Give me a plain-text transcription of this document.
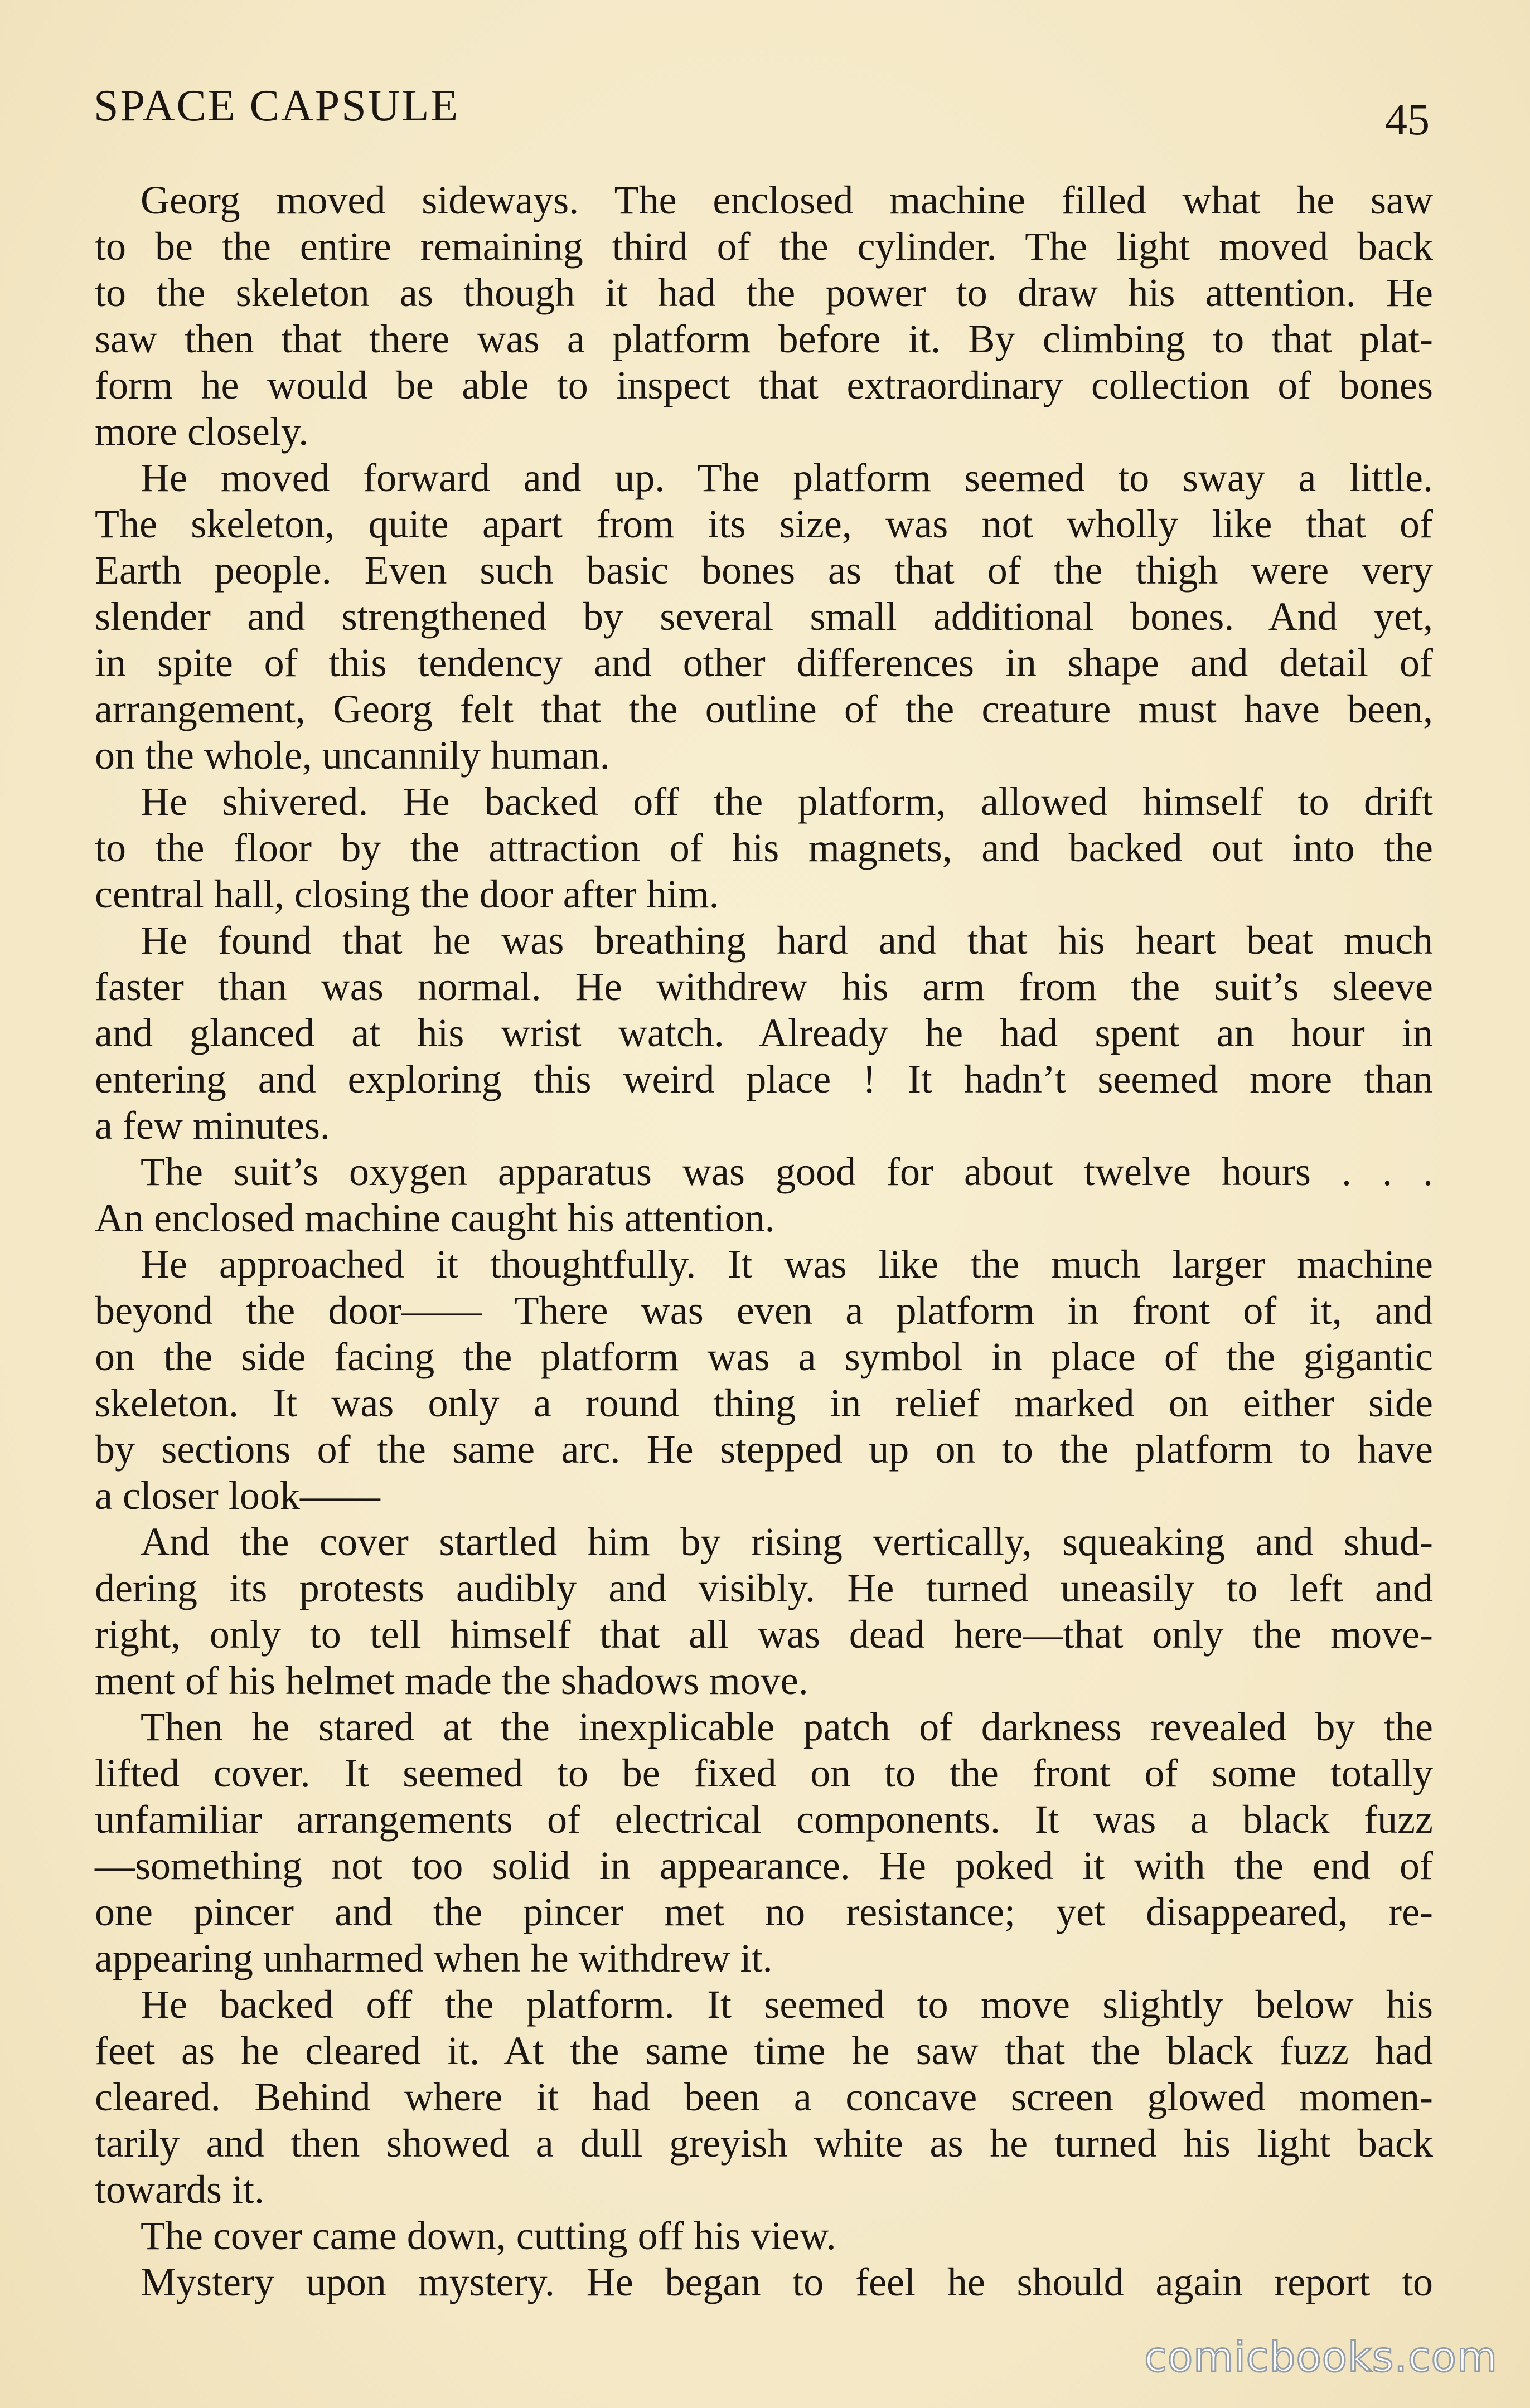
SPACE CAPSULE	45
Georg moved sideways. The enclosed machine filled what he saw
to be the entire remaining third of the cylinder. The light moved back
to the skeleton as though it had the power to draw his attention. He
saw then that there was a platform before it. By climbing to that plat-
form he would be able to inspect that extraordinary collection of bones
more closely.
He moved forward and up. The platform seemed to sway a little.
The skeleton, quite apart from its size, was not wholly like that of
Earth people. Even such basic bones as that of the thigh were very
slender and strengthened by several small additional bones. And yet,
in spite of this tendency and other differences in shape and detail of
arrangement, Georg felt that the outline of the creature must have been,
on the whole, uncannily human.
He shivered. He backed off the platform, allowed himself to drift
to the floor by the attraction of his magnets, and backed out into the
central hall, closing the door after him.
He found that he was breathing hard and that his heart beat much
faster than was normal. He withdrew his arm from the suit’s sleeve
and glanced at his wrist watch. Already he had spent an hour in
entering and exploring this weird place ! It hadn’t seemed more than
a few minutes.
The suit’s oxygen apparatus was good for about twelve hours . . .
An enclosed machine caught his attention.
He approached it thoughtfully. It was like the much larger machine
beyond the door—— There was even a platform in front of it, and
on the side facing the platform was a symbol in place of the gigantic
skeleton. It was only a round thing in relief marked on either side
by sections of the same arc. He stepped up on to the platform to have
a closer look——
And the cover startled him by rising vertically, squeaking and shud-
dering its protests audibly and visibly. He turned uneasily to left and
right, only to tell himself that all was dead here—that only the move-
ment of his helmet made the shadows move.
Then he stared at the inexplicable patch of darkness revealed by the
lifted cover. It seemed to be fixed on to the front of some totally
unfamiliar arrangements of electrical components. It was a black fuzz
—something not too solid in appearance. He poked it with the end of
one pincer and the pincer met no resistance; yet disappeared, re-
appearing unharmed when he withdrew it.
He backed off the platform. It seemed to move slightly below his
feet as he cleared it. At the same time he saw that the black fuzz had
cleared. Behind where it had been a concave screen glowed momen-
tarily and then showed a dull greyish white as he turned his light back
towards it.
The cover came down, cutting off his view.
Mystery upon mystery. He began to feel he should again report to
comicbooks.com
